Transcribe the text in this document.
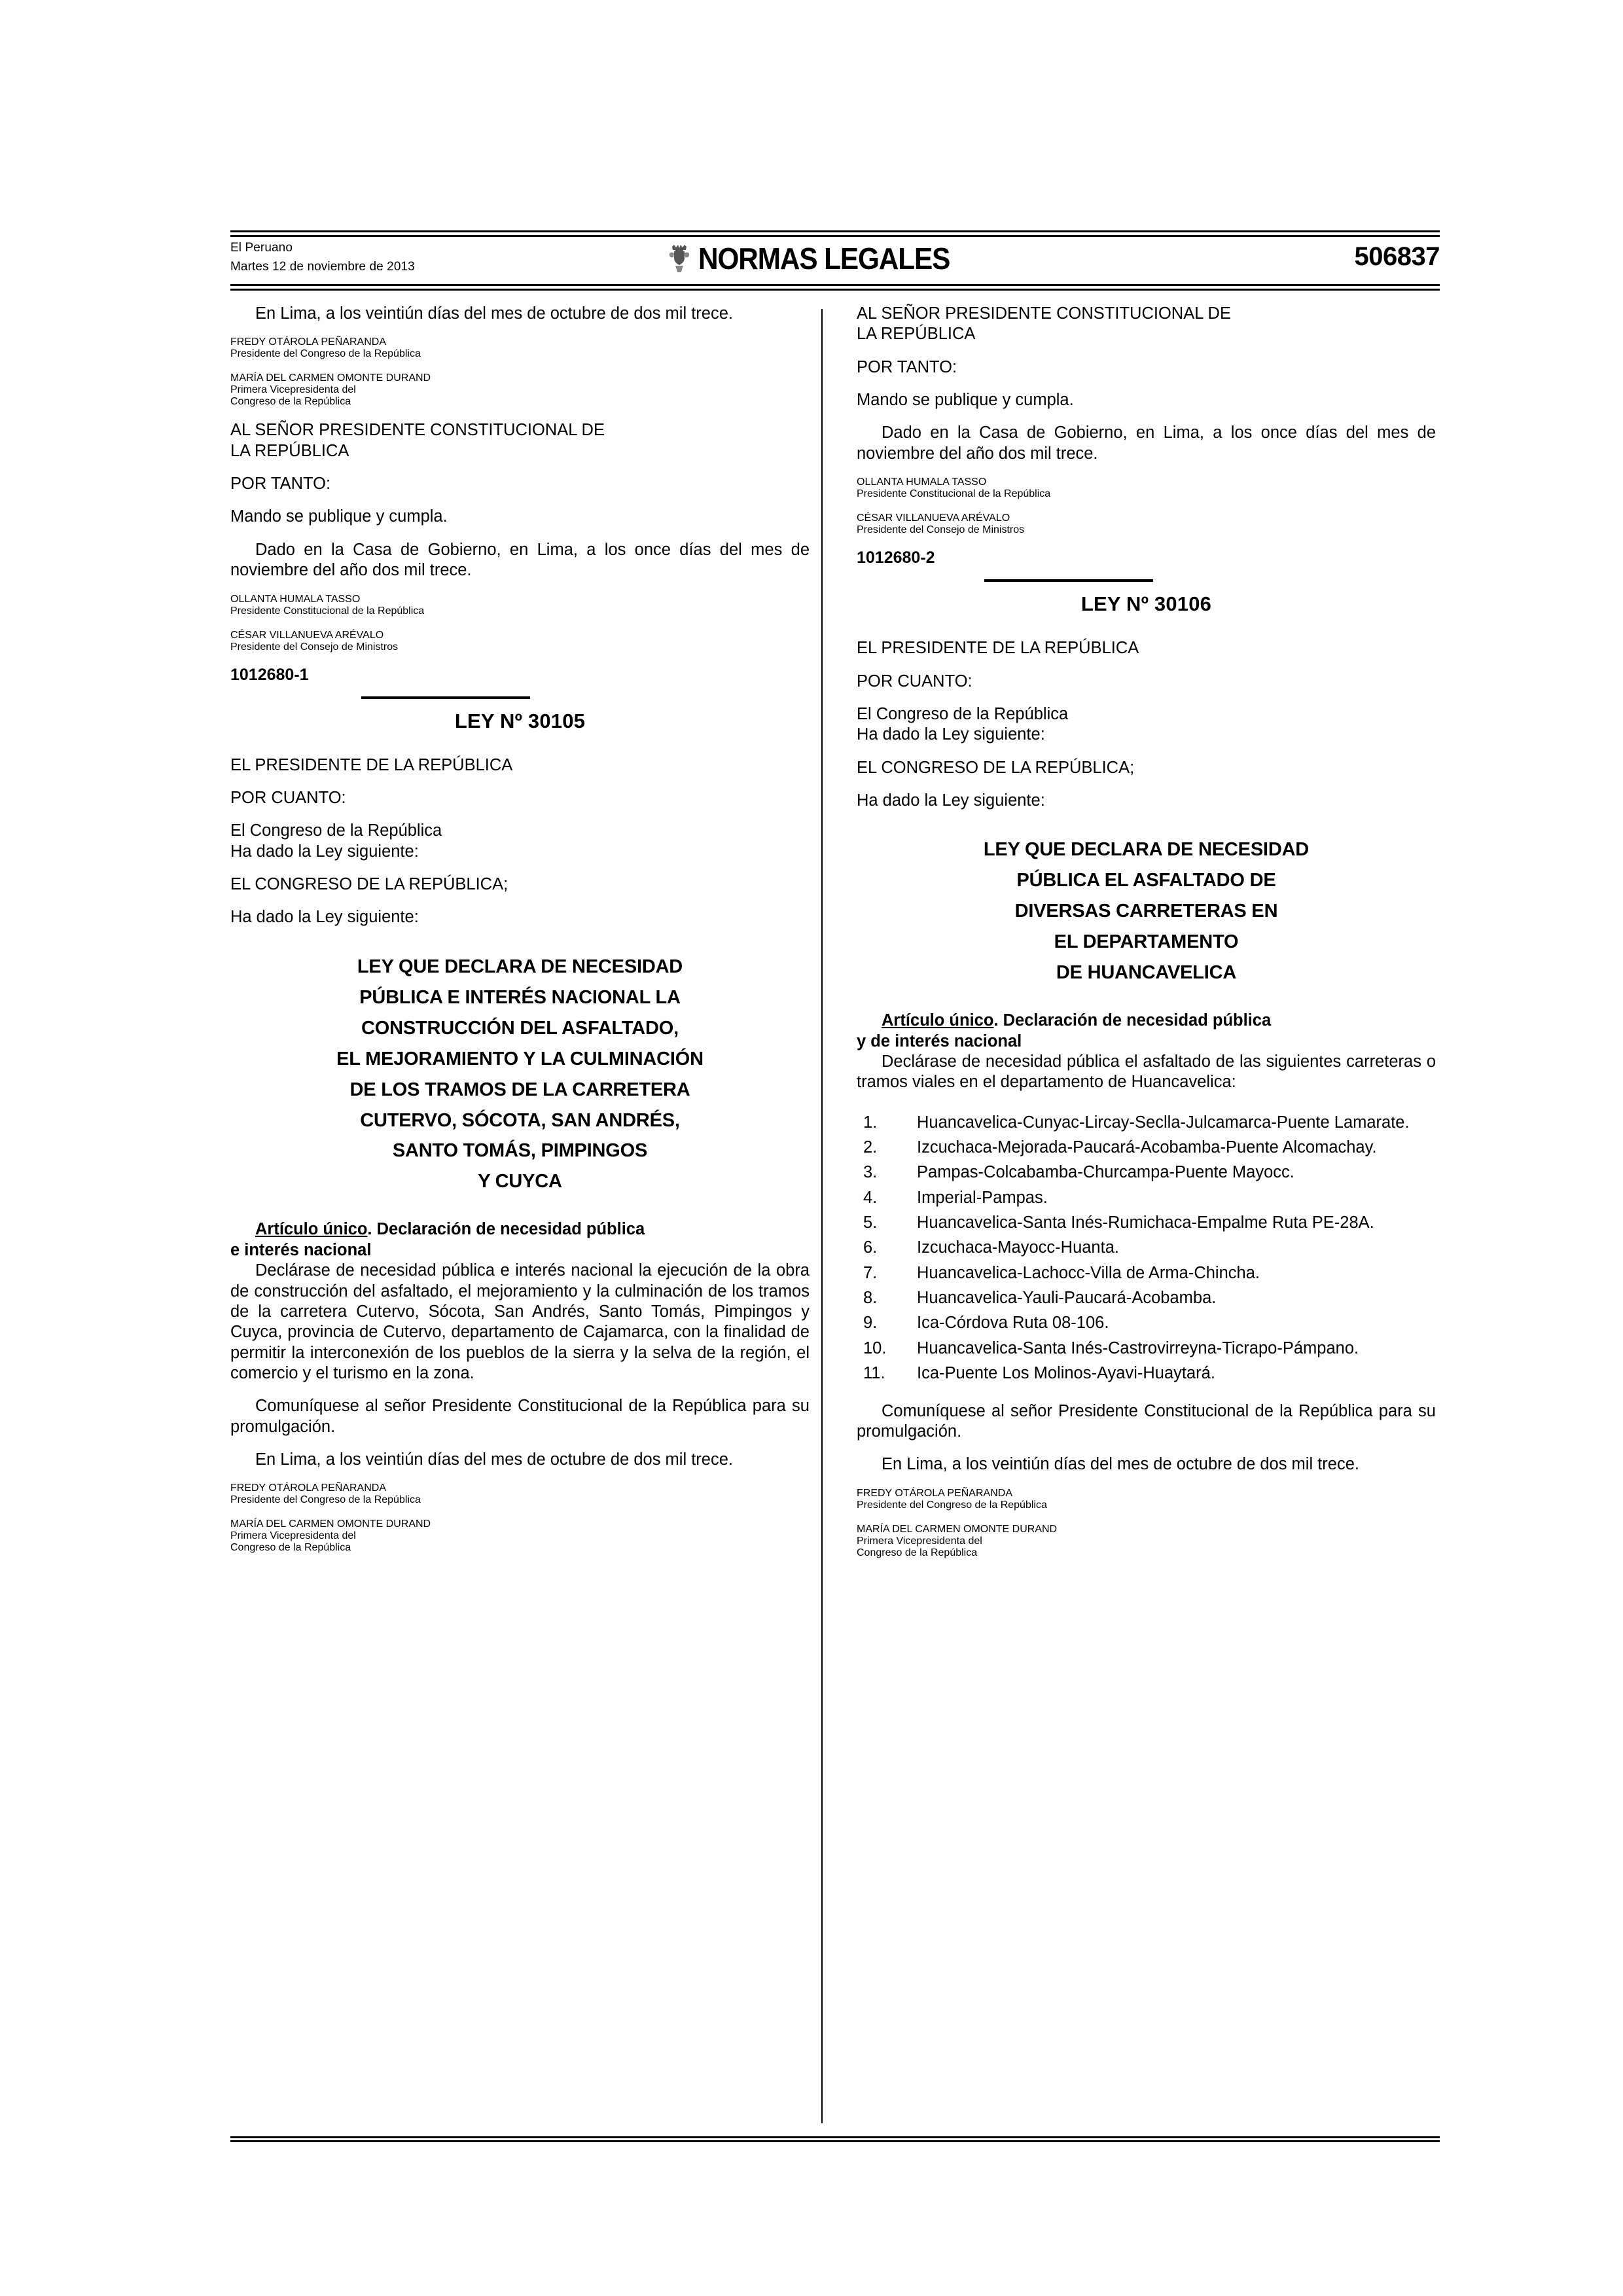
El Peruano
Martes 12 de noviembre de 2013	NORMAS LEGALES	506837

En Lima, a los veintiún días del mes de octubre de dos mil trece.

FREDY OTÁROLA PEÑARANDA
Presidente del Congreso de la República
MARÍA DEL CARMEN OMONTE DURAND
Primera Vicepresidenta del
Congreso de la República
AL SEÑOR PRESIDENTE CONSTITUCIONAL DE
LA REPÚBLICA

POR TANTO:

Mando se publique y cumpla.

Dado en la Casa de Gobierno, en Lima, a los once días del mes de noviembre del año dos mil trece.

OLLANTA HUMALA TASSO
Presidente Constitucional de la República
CÉSAR VILLANUEVA ARÉVALO
Presidente del Consejo de Ministros
1012680-1
LEY Nº 30105

EL PRESIDENTE DE LA REPÚBLICA

POR CUANTO:

El Congreso de la República
Ha dado la Ley siguiente:

EL CONGRESO DE LA REPÚBLICA;

Ha dado la Ley siguiente:

LEY QUE DECLARA DE NECESIDAD
PÚBLICA E INTERÉS NACIONAL LA
CONSTRUCCIÓN DEL ASFALTADO,
EL MEJORAMIENTO Y LA CULMINACIÓN
DE LOS TRAMOS DE LA CARRETERA
CUTERVO, SÓCOTA, SAN ANDRÉS,
SANTO TOMÁS, PIMPINGOS
Y CUYCA
Artículo único. Declaración de necesidad pública
e interés nacional

Declárase de necesidad pública e interés nacional la ejecución de la obra de construcción del asfaltado, el mejoramiento y la culminación de los tramos de la carretera Cutervo, Sócota, San Andrés, Santo Tomás, Pimpingos y Cuyca, provincia de Cutervo, departamento de Cajamarca, con la finalidad de permitir la interconexión de los pueblos de la sierra y la selva de la región, el comercio y el turismo en la zona.

Comuníquese al señor Presidente Constitucional de la República para su promulgación.

En Lima, a los veintiún días del mes de octubre de dos mil trece.

FREDY OTÁROLA PEÑARANDA
Presidente del Congreso de la República
MARÍA DEL CARMEN OMONTE DURAND
Primera Vicepresidenta del
Congreso de la República
AL SEÑOR PRESIDENTE CONSTITUCIONAL DE
LA REPÚBLICA

POR TANTO:

Mando se publique y cumpla.

Dado en la Casa de Gobierno, en Lima, a los once días del mes de noviembre del año dos mil trece.

OLLANTA HUMALA TASSO
Presidente Constitucional de la República
CÉSAR VILLANUEVA ARÉVALO
Presidente del Consejo de Ministros
1012680-2
LEY Nº 30106

EL PRESIDENTE DE LA REPÚBLICA

POR CUANTO:

El Congreso de la República
Ha dado la Ley siguiente:

EL CONGRESO DE LA REPÚBLICA;

Ha dado la Ley siguiente:

LEY QUE DECLARA DE NECESIDAD
PÚBLICA EL ASFALTADO DE
DIVERSAS CARRETERAS EN
EL DEPARTAMENTO
DE HUANCAVELICA
Artículo único. Declaración de necesidad pública
y de interés nacional

Declárase de necesidad pública el asfaltado de las siguientes carreteras o tramos viales en el departamento de Huancavelica:

1.	Huancavelica-Cunyac-Lircay-Seclla-Julcamarca-Puente Lamarate.
2.	Izcuchaca-Mejorada-Paucará-Acobamba-Puente Alcomachay.
3.	Pampas-Colcabamba-Churcampa-Puente Mayocc.
4.	Imperial-Pampas.
5.	Huancavelica-Santa Inés-Rumichaca-Empalme Ruta PE-28A.
6.	Izcuchaca-Mayocc-Huanta.
7.	Huancavelica-Lachocc-Villa de Arma-Chincha.
8.	Huancavelica-Yauli-Paucará-Acobamba.
9.	Ica-Córdova Ruta 08-106.
10.	Huancavelica-Santa Inés-Castrovirreyna-Ticrapo-Pámpano.
11.	Ica-Puente Los Molinos-Ayavi-Huaytará.

Comuníquese al señor Presidente Constitucional de la República para su promulgación.

En Lima, a los veintiún días del mes de octubre de dos mil trece.

FREDY OTÁROLA PEÑARANDA
Presidente del Congreso de la República
MARÍA DEL CARMEN OMONTE DURAND
Primera Vicepresidenta del
Congreso de la República
